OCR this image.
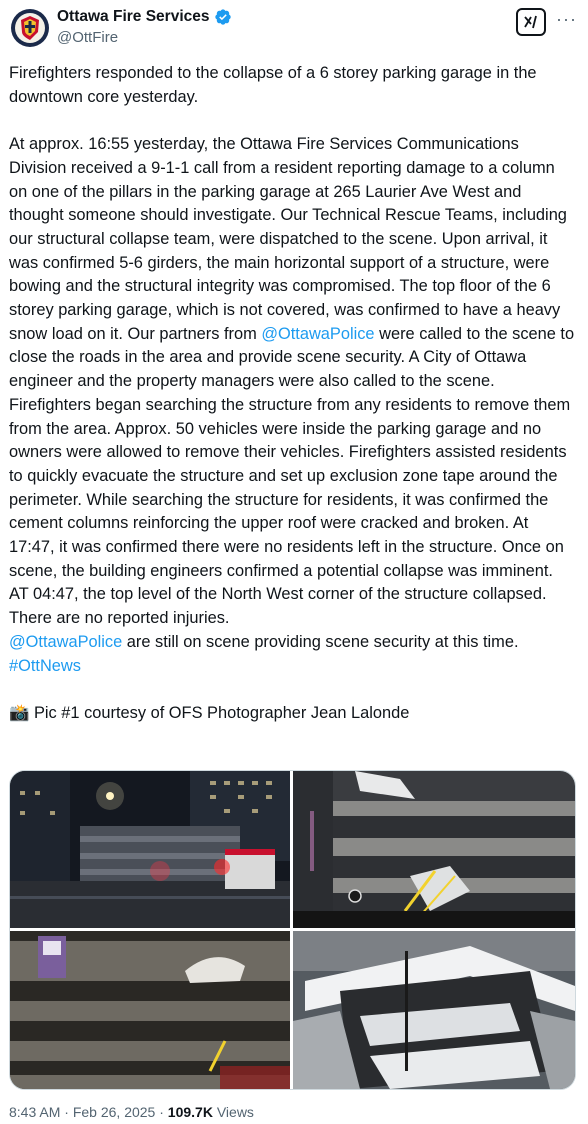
Ottawa Fire Services
@OttFire
···

Firefighters responded to the collapse of a 6 storey parking garage in the downtown core yesterday.

At approx. 16:55 yesterday, the Ottawa Fire Services Communications Division received a 9-1-1 call from a resident reporting damage to a column on one of the pillars in the parking garage at 265 Laurier Ave West and thought someone should investigate. Our Technical Rescue Teams, including our structural collapse team, were dispatched to the scene. Upon arrival, it was confirmed 5-6 girders, the main horizontal support of a structure, were bowing and the structural integrity was compromised. The top floor of the 6 storey parking garage, which is not covered, was confirmed to have a heavy snow load on it. Our partners from @OttawaPolice were called to the scene to close the roads in the area and provide scene security. A City of Ottawa engineer and the property managers were also called to the scene. Firefighters began searching the structure from any residents to remove them from the area. Approx. 50 vehicles were inside the parking garage and no owners were allowed to remove their vehicles. Firefighters assisted residents to quickly evacuate the structure and set up exclusion zone tape around the perimeter. While searching the structure for residents, it was confirmed the cement columns reinforcing the upper roof were cracked and broken. At 17:47, it was confirmed there were no residents left in the structure. Once on scene, the building engineers confirmed a potential collapse was imminent. AT 04:47, the top level of the North West corner of the structure collapsed. There are no reported injuries.
@OttawaPolice are still on scene providing scene security at this time.
#OttNews

📸 Pic #1 courtesy of OFS Photographer Jean Lalonde

8:43 AM · Feb 26, 2025 · 109.7K Views
